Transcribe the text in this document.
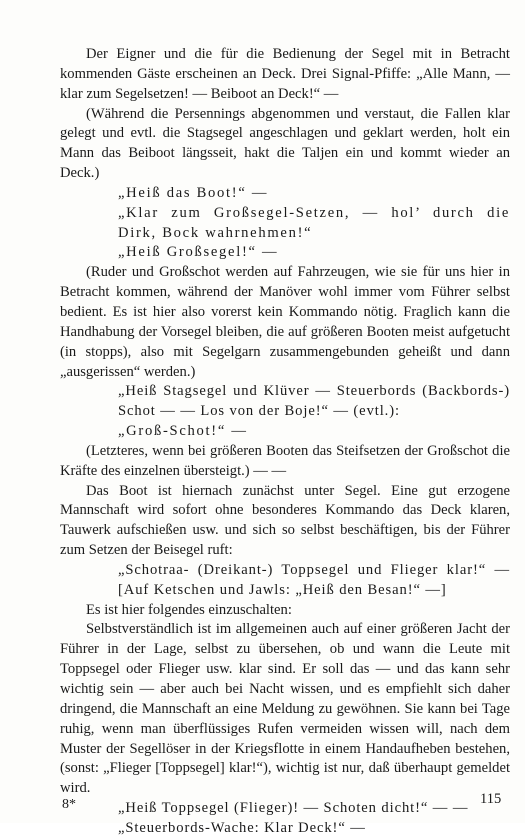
Der Eigner und die für die Bedienung der Segel mit in Betracht kommenden Gäste erscheinen an Deck. Drei Signal-Pfiffe: „Alle Mann, — klar zum Segelsetzen! — Beiboot an Deck!“ —

(Während die Persennings abgenommen und verstaut, die Fallen klar gelegt und evtl. die Stagsegel angeschlagen und geklart werden, holt ein Mann das Beiboot längsseit, hakt die Taljen ein und kommt wieder an Deck.)

„Heiß das Boot!“ —

„Klar zum Großsegel-Setzen, — hol’ durch die Dirk, Bock wahrnehmen!“

„Heiß Großsegel!“ —

(Ruder und Großschot werden auf Fahrzeugen, wie sie für uns hier in Betracht kommen, während der Manöver wohl immer vom Führer selbst bedient. Es ist hier also vorerst kein Kommando nötig. Fraglich kann die Handhabung der Vorsegel bleiben, die auf größeren Booten meist aufgetucht (in stopps), also mit Segelgarn zusammengebunden geheißt und dann „ausgerissen“ werden.)

„Heiß Stagsegel und Klüver — Steuerbords (Backbords-) Schot — — Los von der Boje!“ — (evtl.):

„Groß-Schot!“ —

(Letzteres, wenn bei größeren Booten das Steifsetzen der Großschot die Kräfte des einzelnen übersteigt.) — —

Das Boot ist hiernach zunächst unter Segel. Eine gut erzogene Mannschaft wird sofort ohne besonderes Kommando das Deck klaren, Tauwerk aufschießen usw. und sich so selbst beschäftigen, bis der Führer zum Setzen der Beisegel ruft:

„Schotraa- (Dreikant-) Toppsegel und Flieger klar!“ — [Auf Ketschen und Jawls: „Heiß den Besan!“ —]

Es ist hier folgendes einzuschalten:

Selbstverständlich ist im allgemeinen auch auf einer größeren Jacht der Führer in der Lage, selbst zu übersehen, ob und wann die Leute mit Toppsegel oder Flieger usw. klar sind. Er soll das — und das kann sehr wichtig sein — aber auch bei Nacht wissen, und es empfiehlt sich daher dringend, die Mannschaft an eine Meldung zu gewöhnen. Sie kann bei Tage ruhig, wenn man überflüssiges Rufen vermeiden wissen will, nach dem Muster der Segellöser in der Kriegsflotte in einem Handaufheben bestehen, (sonst: „Flieger [Toppsegel] klar!“), wichtig ist nur, daß überhaupt gemeldet wird.

„Heiß Toppsegel (Flieger)! — Schoten dicht!“ — —

„Steuerbords-Wache: Klar Deck!“ —

8*	115
